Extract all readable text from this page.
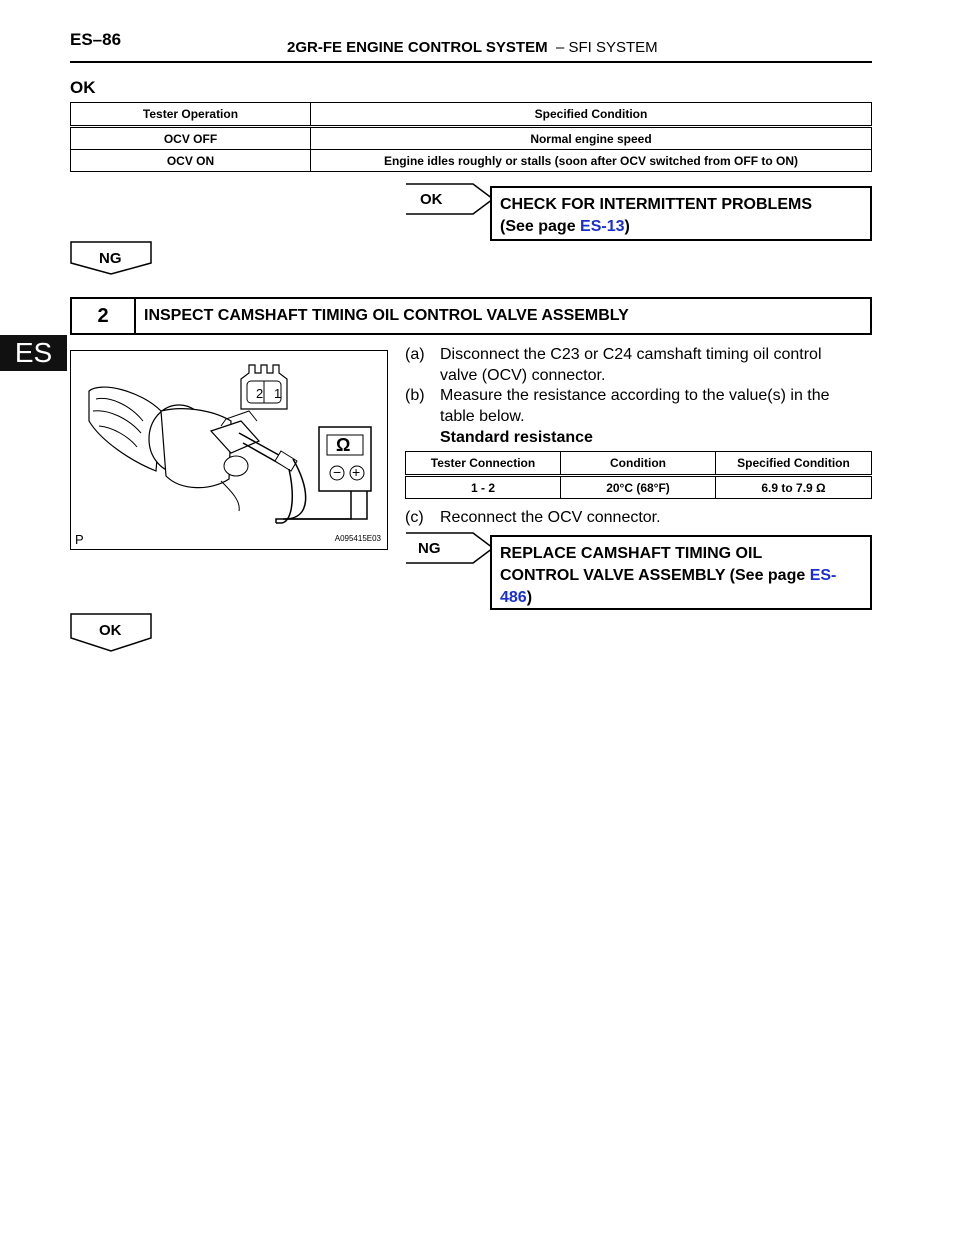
ES–86	2GR-FE ENGINE CONTROL SYSTEM – SFI SYSTEM
ES
OK
Tester Operation	Specified Condition
OCV OFF	Normal engine speed
OCV ON	Engine idles roughly or stalls (soon after OCV switched from OFF to ON)
OK	CHECK FOR INTERMITTENT PROBLEMS
(See page ES-13)
NG
2	INSPECT CAMSHAFT TIMING OIL CONTROL VALVE ASSEMBLY
2 1
Ω
− +
A095415E03
P
(a) Disconnect the C23 or C24 camshaft timing oil control
valve (OCV) connector.
(b) Measure the resistance according to the value(s) in the
table below.
Standard resistance
Tester Connection	Condition	Specified Condition
1 - 2	20°C (68°F)	6.9 to 7.9 Ω
(c) Reconnect the OCV connector.
NG	REPLACE CAMSHAFT TIMING OIL
CONTROL VALVE ASSEMBLY (See page ES-
486)
OK
